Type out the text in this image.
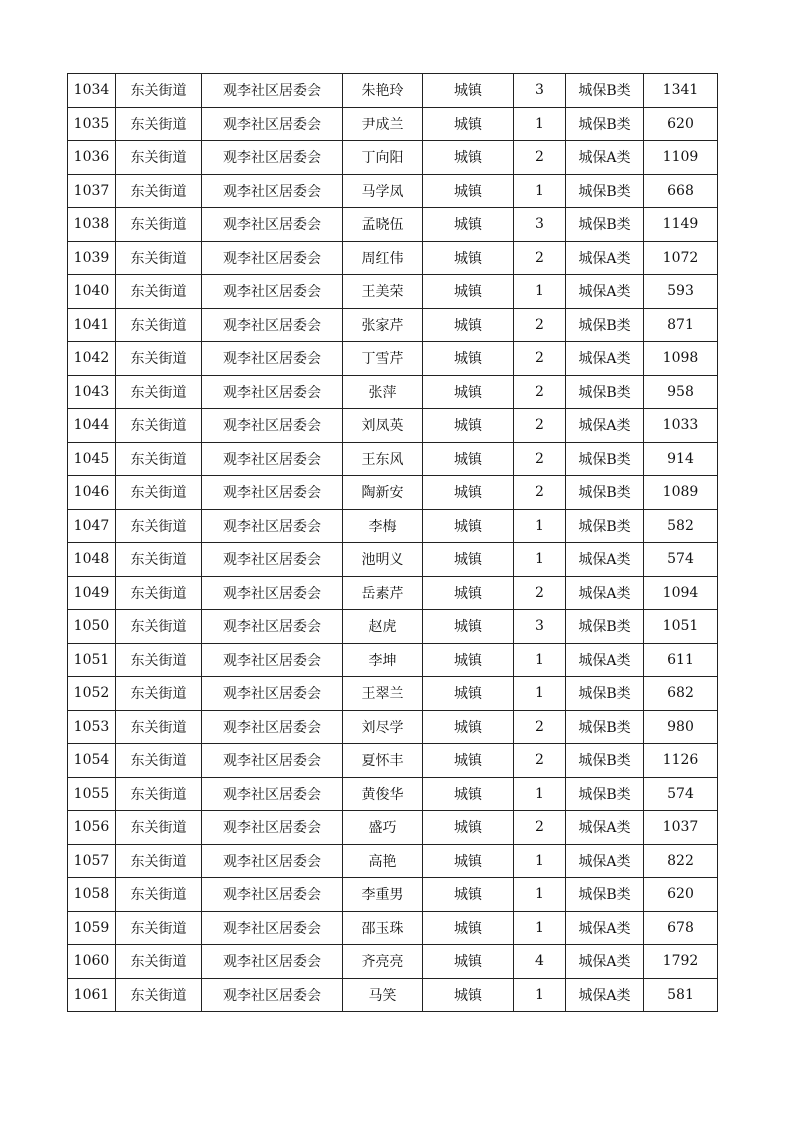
1034	东关街道	观李社区居委会	朱艳玲	城镇	3	城保B类	1341
1035	东关街道	观李社区居委会	尹成兰	城镇	1	城保B类	620
1036	东关街道	观李社区居委会	丁向阳	城镇	2	城保A类	1109
1037	东关街道	观李社区居委会	马学凤	城镇	1	城保B类	668
1038	东关街道	观李社区居委会	孟晓伍	城镇	3	城保B类	1149
1039	东关街道	观李社区居委会	周红伟	城镇	2	城保A类	1072
1040	东关街道	观李社区居委会	王美荣	城镇	1	城保A类	593
1041	东关街道	观李社区居委会	张家芹	城镇	2	城保B类	871
1042	东关街道	观李社区居委会	丁雪芹	城镇	2	城保A类	1098
1043	东关街道	观李社区居委会	张萍	城镇	2	城保B类	958
1044	东关街道	观李社区居委会	刘凤英	城镇	2	城保A类	1033
1045	东关街道	观李社区居委会	王东风	城镇	2	城保B类	914
1046	东关街道	观李社区居委会	陶新安	城镇	2	城保B类	1089
1047	东关街道	观李社区居委会	李梅	城镇	1	城保B类	582
1048	东关街道	观李社区居委会	池明义	城镇	1	城保A类	574
1049	东关街道	观李社区居委会	岳素芹	城镇	2	城保A类	1094
1050	东关街道	观李社区居委会	赵虎	城镇	3	城保B类	1051
1051	东关街道	观李社区居委会	李坤	城镇	1	城保A类	611
1052	东关街道	观李社区居委会	王翠兰	城镇	1	城保B类	682
1053	东关街道	观李社区居委会	刘尽学	城镇	2	城保B类	980
1054	东关街道	观李社区居委会	夏怀丰	城镇	2	城保B类	1126
1055	东关街道	观李社区居委会	黄俊华	城镇	1	城保B类	574
1056	东关街道	观李社区居委会	盛巧	城镇	2	城保A类	1037
1057	东关街道	观李社区居委会	高艳	城镇	1	城保A类	822
1058	东关街道	观李社区居委会	李重男	城镇	1	城保B类	620
1059	东关街道	观李社区居委会	邵玉珠	城镇	1	城保A类	678
1060	东关街道	观李社区居委会	齐亮亮	城镇	4	城保A类	1792
1061	东关街道	观李社区居委会	马笑	城镇	1	城保A类	581
